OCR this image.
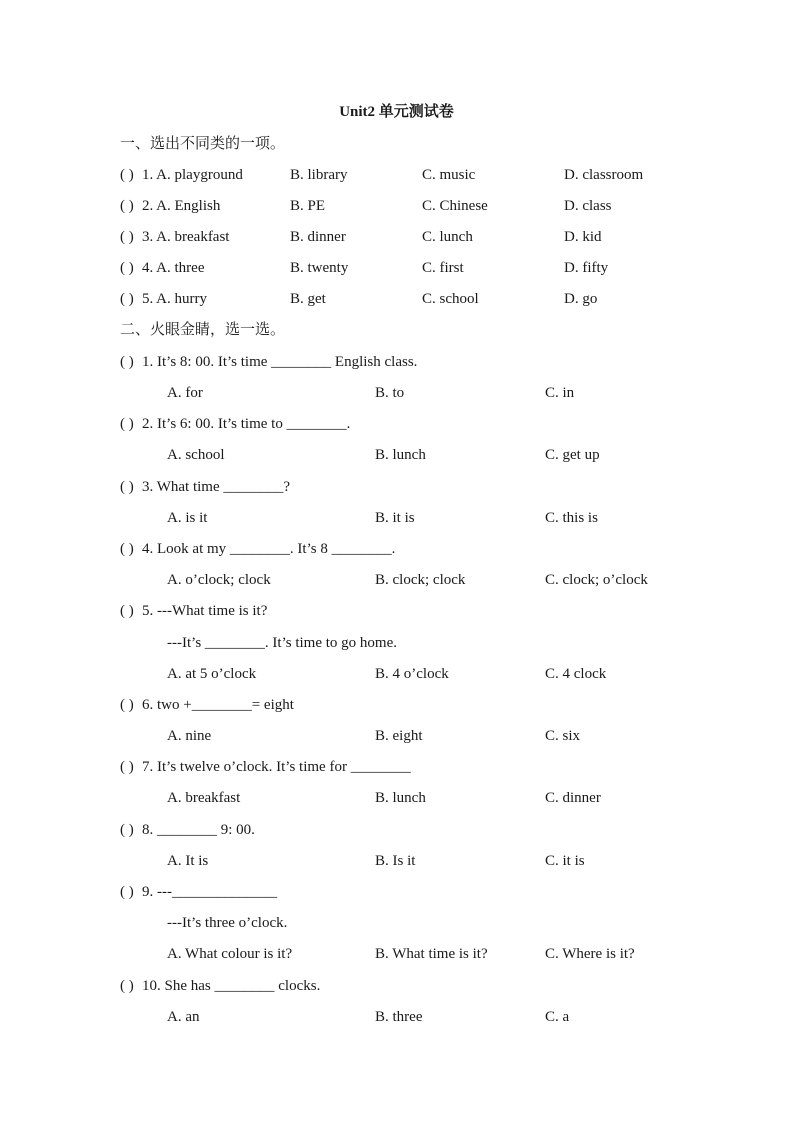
Unit2 单元测试卷
一、选出不同类的一项。
( ) 1. A. playground	B. library	C. music	D. classroom
( ) 2. A. English	B. PE	C. Chinese	D. class
( ) 3. A. breakfast	B. dinner	C. lunch	D. kid
( ) 4. A. three	B. twenty	C. first	D. fifty
( ) 5. A. hurry	B. get	C. school	D. go
二、火眼金睛，选一选。
( ) 1. It’s 8: 00. It’s time ________ English class.
A. for	B. to	C. in
( ) 2. It’s 6: 00. It’s time to ________.
A. school	B. lunch	C. get up
( ) 3. What time ________?
A. is it	B. it is	C. this is
( ) 4. Look at my ________. It’s 8 ________.
A. o’clock; clock	B. clock; clock	C. clock; o’clock
( ) 5. ---What time is it?
---It’s ________. It’s time to go home.
A. at 5 o’clock	B. 4 o’clock	C. 4 clock
( ) 6. two +________= eight
A. nine	B. eight	C. six
( ) 7. It’s twelve o’clock. It’s time for ________
A. breakfast	B. lunch	C. dinner
( ) 8. ________ 9: 00.
A. It is	B. Is it	C. it is
( ) 9. ---______________
---It’s three o’clock.
A. What colour is it?	B. What time is it?	C. Where is it?
( ) 10. She has ________ clocks.
A. an	B. three	C. a
